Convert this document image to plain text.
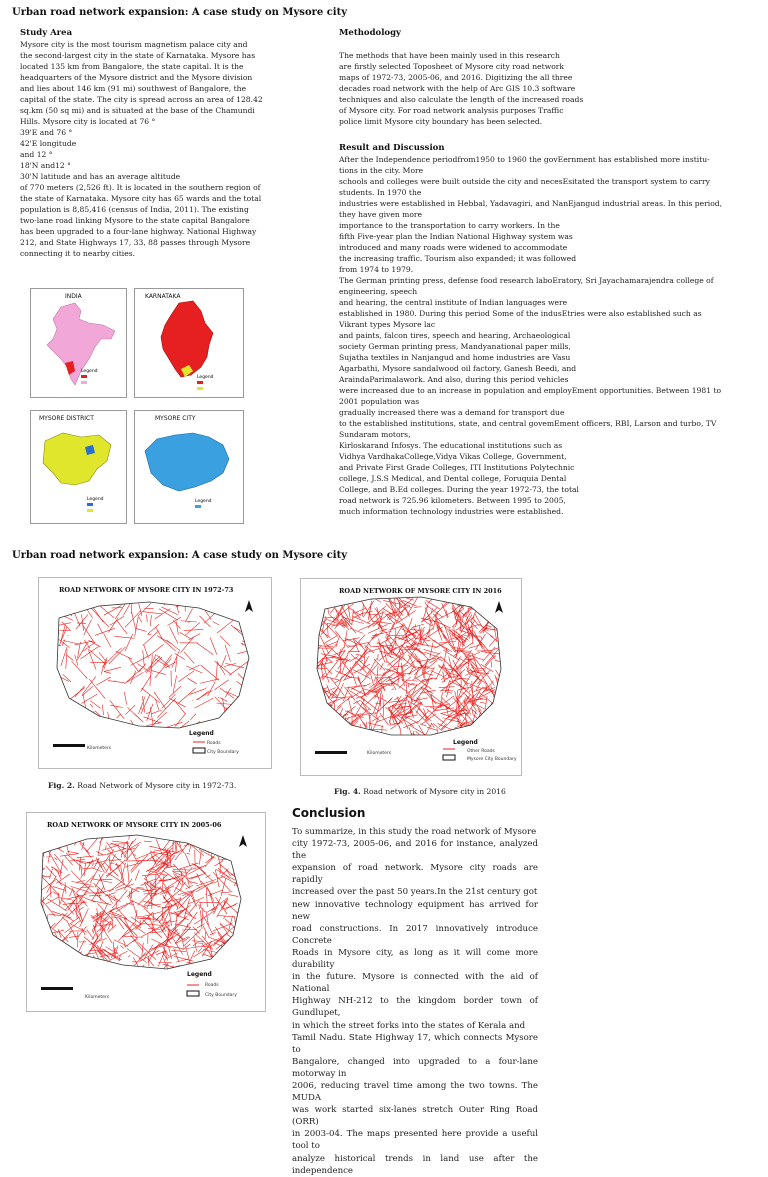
Urban road network expansion: A case study on Mysore city
Study Area

Mysore city is the most tourism magnetism palace city and

the second-largest city in the state of Karnataka. Mysore has

located 135 km from Bangalore, the state capital. It is the

headquarters of the Mysore district and the Mysore division

and lies about 146 km (91 mi) southwest of Bangalore, the

capital of the state. The city is spread across an area of 128.42

sq.km (50 sq mi) and is situated at the base of the Chamundi

Hills. Mysore city is located at 76 °

39'E and 76 °

42'E longitude

and 12 °

18'N and12 °

30'N latitude and has an average altitude

of 770 meters (2,526 ft). It is located in the southern region of

the state of Karnataka. Mysore city has 65 wards and the total

population is 8,85,416 (census of India, 2011). The existing

two-lane road linking Mysore to the state capital Bangalore

has been upgraded to a four-lane highway. National Highway

212, and State Highways 17, 33, 88 passes through Mysore

connecting it to nearby cities.

INDIA
Legend
KARNATAKA
Legend
MYSORE DISTRICT
Legend
MYSORE CITY
Legend
Methodology

The methods that have been mainly used in this research

are firstly selected Toposheet of Mysore city road network

maps of 1972-73, 2005-06, and 2016. Digitizing the all three

decades road network with the help of Arc GIS 10.3 software

techniques and also calculate the length of the increased roads

of Mysore city. For road network analysis purposes Traffic

police limit Mysore city boundary has been selected.

Result and Discussion

After the Independence periodfrom1950 to 1960 the govEernment has established more institu-

tions in the city. More

schools and colleges were built outside the city and necesEsitated the transport system to carry

students. In 1970 the

industries were established in Hebbal, Yadavagiri, and NanEjangud industrial areas. In this period,

they have given more

importance to the transportation to carry workers. In the

fifth Five-year plan the Indian National Highway system was

introduced and many roads were widened to accommodate

the increasing traffic. Tourism also expanded; it was followed

from 1974 to 1979.

The German printing press, defense food research laboEratory, Sri Jayachamarajendra college of

engineering, speech

and hearing, the central institute of Indian languages were

established in 1980. During this period Some of the indusEtries were also established such as

Vikrant types Mysore lac

and paints, falcon tires, speech and hearing, Archaeological

society German printing press, Mandyanational paper mills,

Sujatha textiles in Nanjangud and home industries are Vasu

Agarbathi, Mysore sandalwood oil factory, Ganesh Beedi, and

AraindaParimalawork. And also, during this period vehicles

were increased due to an increase in population and employEment opportunities. Between 1981 to

2001 population was

gradually increased there was a demand for transport due

to the established institutions, state, and central govemEment officers, RBI, Larson and turbo, TV

Sundaram motors,

Kirloskarand Infosys. The educational institutions such as

Vidhya VardhakaCollege,Vidya Vikas College, Government,

and Private First Grade Colleges, ITI Institutions Polytechnic

college, J.S.S Medical, and Dental college, Foruquia Dental

College, and B.Ed colleges. During the year 1972-73, the total

road network is 725.96 kilometers. Between 1995 to 2005,

much information technology industries were established.

Urban road network expansion: A case study on Mysore city
ROAD NETWORK OF MYSORE CITY IN 1972-73
Legend
Roads
City Boundary
Kilometers
Fig. 2. Road Network of Mysore city in 1972-73.
ROAD NETWORK OF MYSORE CITY IN 2016
Legend
Other Roads
Mysore City Boundary
Kilometers
Fig. 4. Road network of Mysore city in 2016
ROAD NETWORK OF MYSORE CITY IN 2005-06
Legend
Roads
City Boundary
Kilometers
Conclusion

To summarize, in this study the road network of Mysore

city 1972-73, 2005-06, and 2016 for instance, analyzed the

expansion of road network. Mysore city roads are rapidly

increased over the past 50 years.In the 21st century got

new innovative technology equipment has arrived for new

road constructions. In 2017 innovatively introduce Concrete

Roads in Mysore city, as long as it will come more durability

in the future. Mysore is connected with the aid of National

Highway NH-212 to the kingdom border town of Gundlupet,

in which the street forks into the states of Kerala and

Tamil Nadu. State Highway 17, which connects Mysore to

Bangalore, changed into upgraded to a four-lane motorway in

2006, reducing travel time among the two towns. The MUDA

was work started six-lanes stretch Outer Ring Road (ORR)

in 2003-04. The maps presented here provide a useful tool to

analyze historical trends in land use after the independence
